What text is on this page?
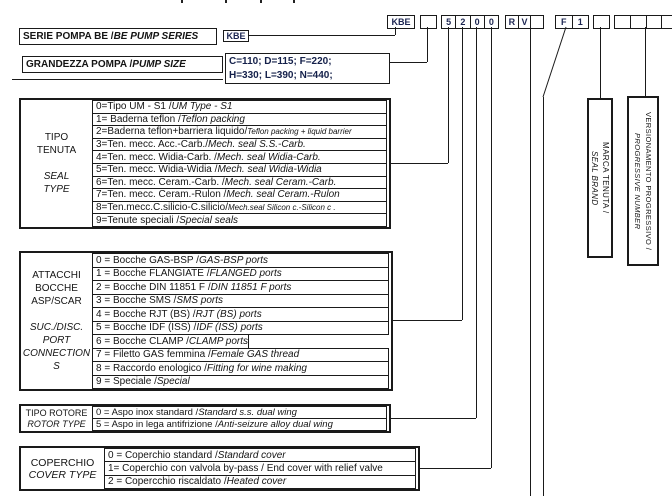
KBE	5	2	0	0	R V	F	1
SERIE POMPA BE / BE PUMP SERIES	KBE
GRANDEZZA POMPA / PUMP SIZE	C=110; D=115; F=220;
H=330; L=390; N=440;
TIPO
TENUTA

SEAL
TYPE
0=Tipo UM - S1 / UM Type - S1
1= Baderna teflon / Teflon packing
2=Baderna teflon+barriera liquido/ Teflon packing + liquid barrier
3=Ten. mecc. Acc.-Carb./ Mech. seal S.S.-Carb.
4=Ten. mecc. Widia-Carb. / Mech. seal Widia-Carb.
5=Ten. mecc. Widia-Widia / Mech. seal Widia-Widia
6=Ten. mecc. Ceram.-Carb. / Mech. seal Ceram.-Carb.
7=Ten. mecc. Ceram.-Rulon / Mech. seal Ceram.-Rulon
8=Ten.mecc.C.silicio-C.silicio/ Mech.seal Silicon c.-Silicon c .
9=Tenute speciali / Special seals
ATTACCHI
BOCCHE
ASP/SCAR

SUC./DISC.
PORT
CONNECTION
S
0 = Bocche GAS-BSP / GAS-BSP ports
1 = Bocche FLANGIATE / FLANGED ports
2 = Bocche DIN 11851 F / DIN 11851 F ports
3 = Bocche SMS / SMS ports
4 = Bocche RJT (BS) / RJT (BS) ports
5 = Bocche IDF (ISS) / IDF (ISS) ports
6 = Bocche CLAMP / CLAMP ports
7 = Filetto GAS femmina / Female GAS thread
8 = Raccordo enologico / Fitting for wine making
9 = Speciale / Special
TIPO ROTORE
ROTOR TYPE
0 = Aspo inox standard / Standard s.s. dual wing
5 = Aspo in lega antifrizione / Anti-seizure alloy dual wing
COPERCHIO
COVER TYPE
0 = Coperchio standard / Standard cover
1= Coperchio con valvola by-pass / End cover with relief valve
2 = Copercchio riscaldato / Heated cover
MARCA TENUTA /
SEAL BRAND	VERSIONAMENTO PROGRESSIVO /
PROGRESSIVE NUMBER
